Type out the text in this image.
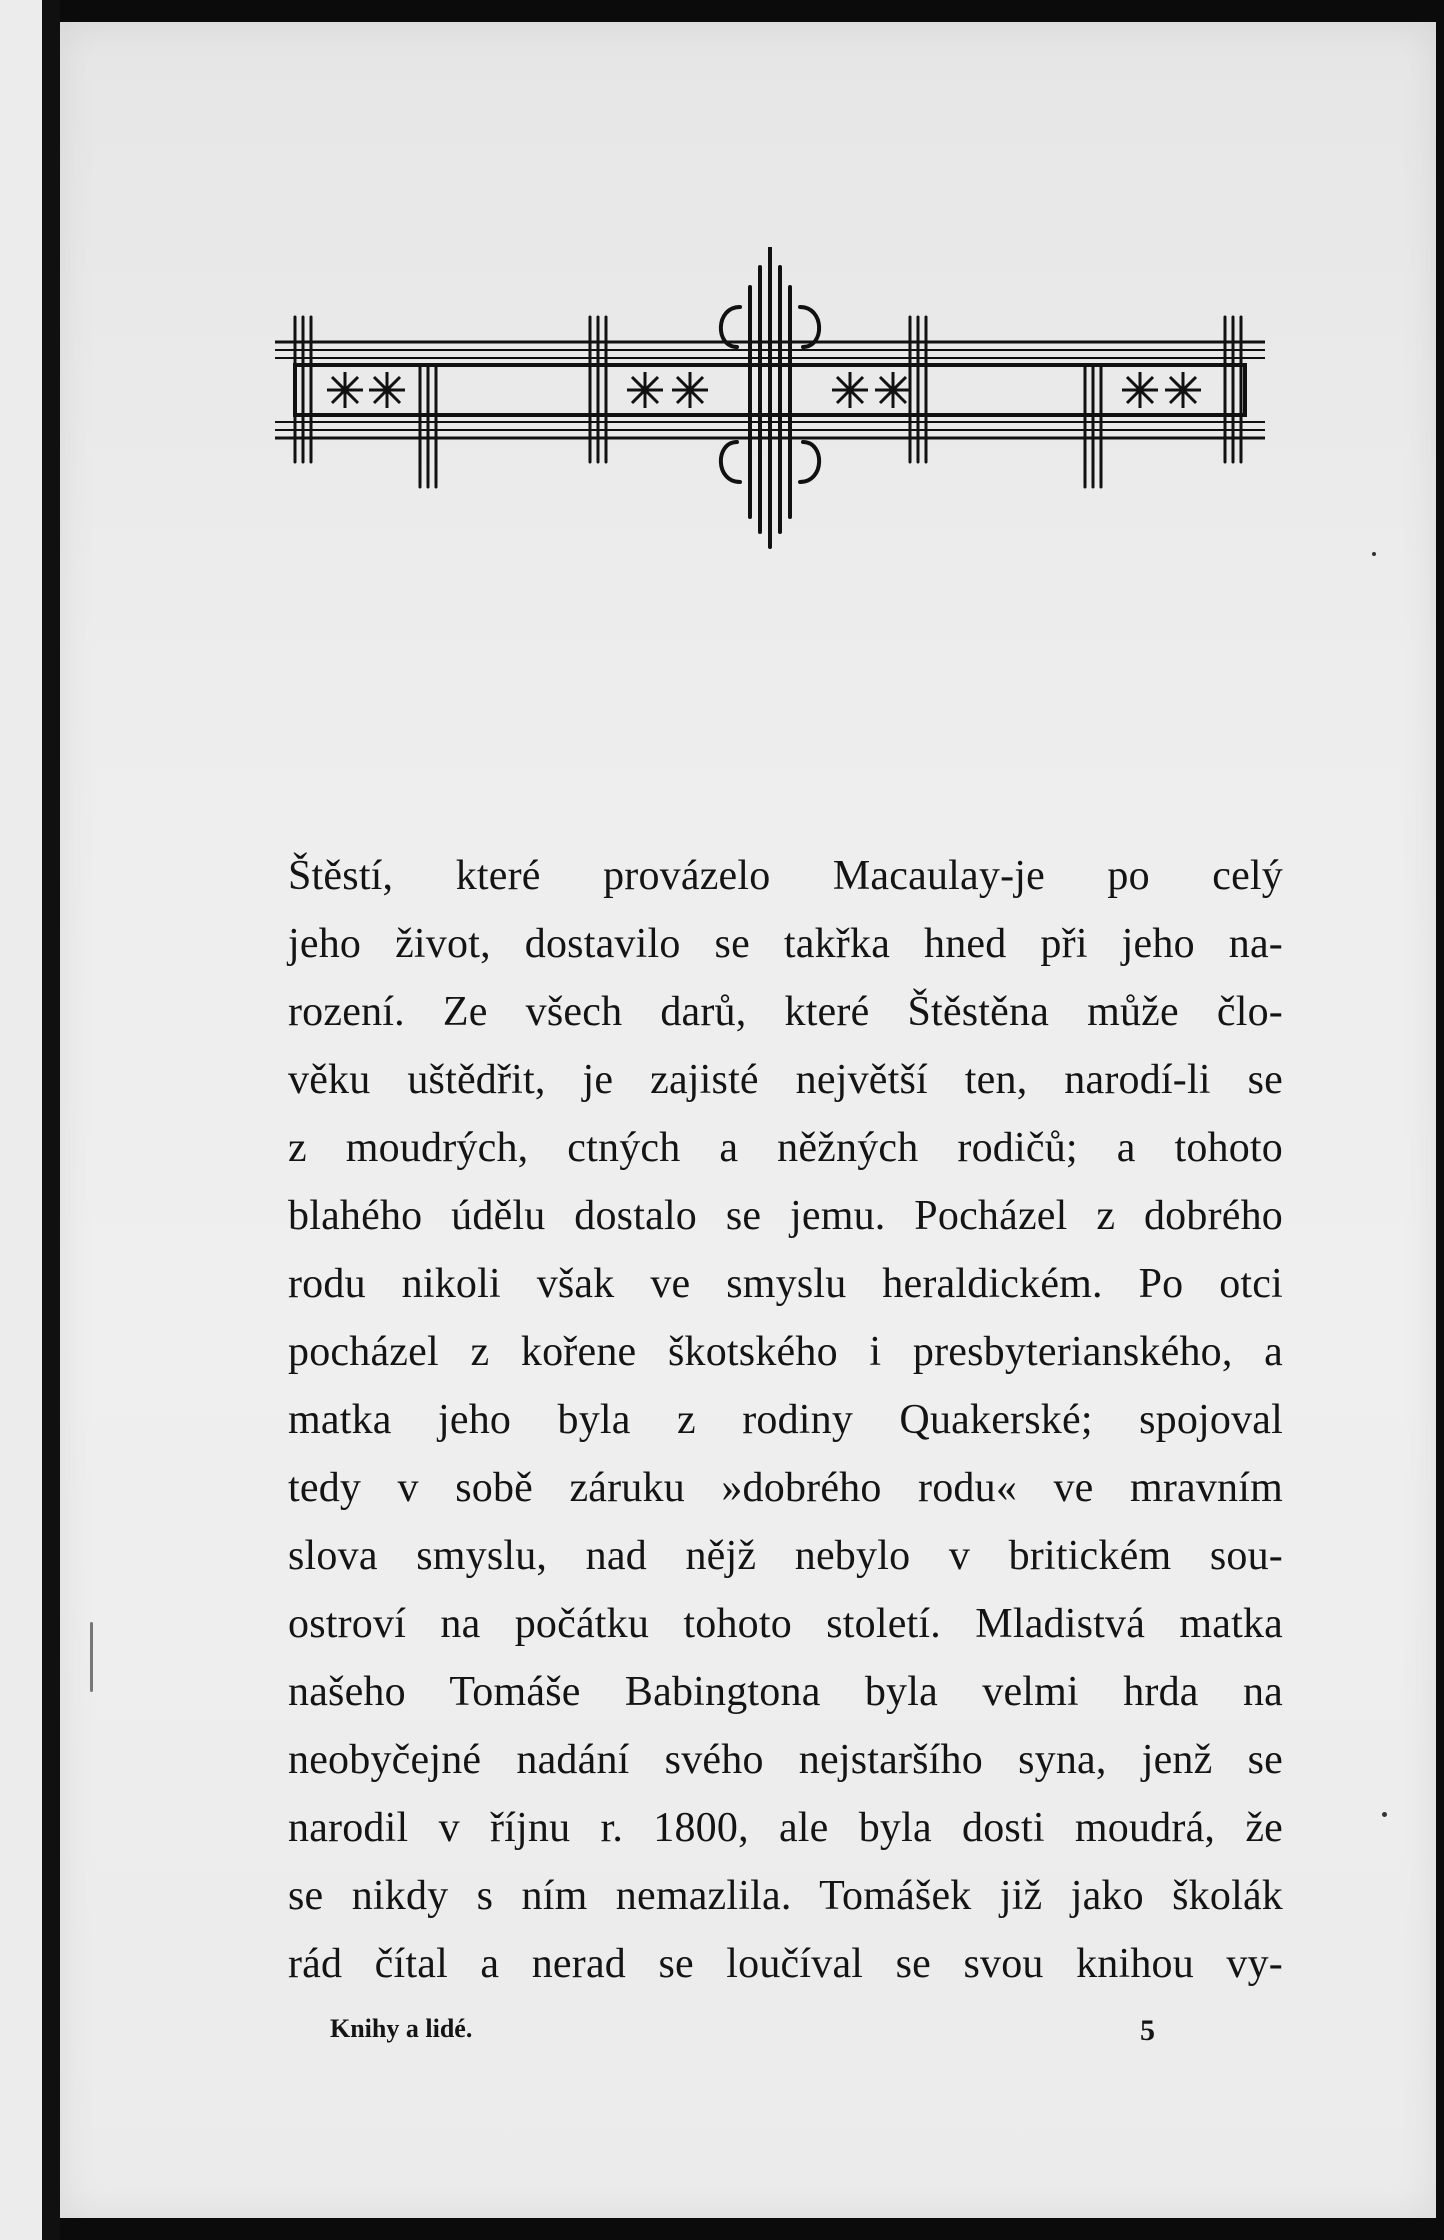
Štěstí, které provázelo Macaulay-je po celý
jeho život, dostavilo se takřka hned při jeho na-
rození. Ze všech darů, které Štěstěna může člo-
věku uštědřit, je zajisté největší ten, narodí-li se
z moudrých, ctných a něžných rodičů; a tohoto
blahého údělu dostalo se jemu. Pocházel z dobrého
rodu nikoli však ve smyslu heraldickém. Po otci
pocházel z kořene škotského i presbyterianského, a
matka jeho byla z rodiny Quakerské; spojoval
tedy v sobě záruku »dobrého rodu« ve mravním
slova smyslu, nad nějž nebylo v britickém sou-
ostroví na počátku tohoto století. Mladistvá matka
našeho Tomáše Babingtona byla velmi hrda na
neobyčejné nadání svého nejstaršího syna, jenž se
narodil v říjnu r. 1800, ale byla dosti moudrá, že
se nikdy s ním nemazlila. Tomášek již jako školák
rád čítal a nerad se loučíval se svou knihou vy-
Knihy a lidé.	5
